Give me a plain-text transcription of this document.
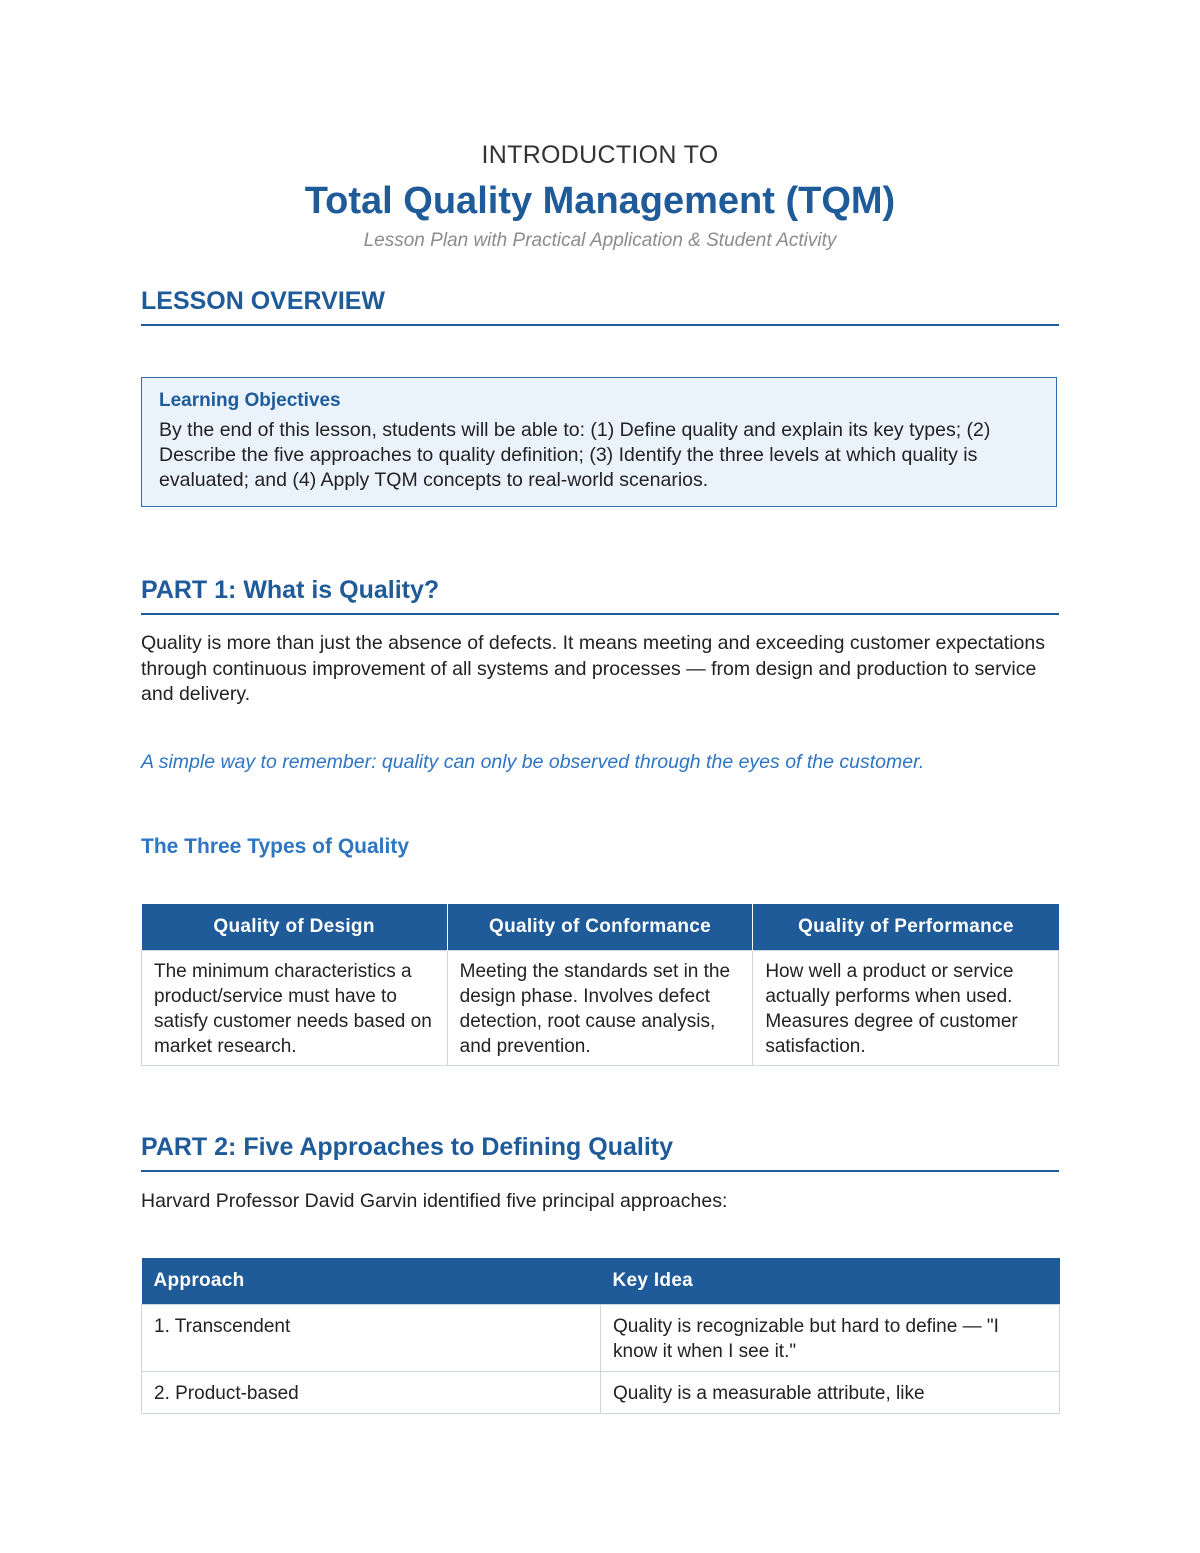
INTRODUCTION TO
Total Quality Management (TQM)
Lesson Plan with Practical Application & Student Activity
LESSON OVERVIEW
Learning Objectives
By the end of this lesson, students will be able to: (1) Define quality and explain its key types; (2) Describe the five approaches to quality definition; (3) Identify the three levels at which quality is evaluated; and (4) Apply TQM concepts to real-world scenarios.
PART 1: What is Quality?
Quality is more than just the absence of defects. It means meeting and exceeding customer expectations through continuous improvement of all systems and processes — from design and production to service and delivery.
A simple way to remember: quality can only be observed through the eyes of the customer.
The Three Types of Quality
Quality of Design	Quality of Conformance	Quality of Performance
The minimum characteristics a product/service must have to satisfy customer needs based on market research.	Meeting the standards set in the design phase. Involves defect detection, root cause analysis, and prevention.	How well a product or service actually performs when used. Measures degree of customer satisfaction.
PART 2: Five Approaches to Defining Quality
Harvard Professor David Garvin identified five principal approaches:
Approach	Key Idea
1. Transcendent	Quality is recognizable but hard to define — "I know it when I see it."
2. Product-based	Quality is a measurable attribute, like
